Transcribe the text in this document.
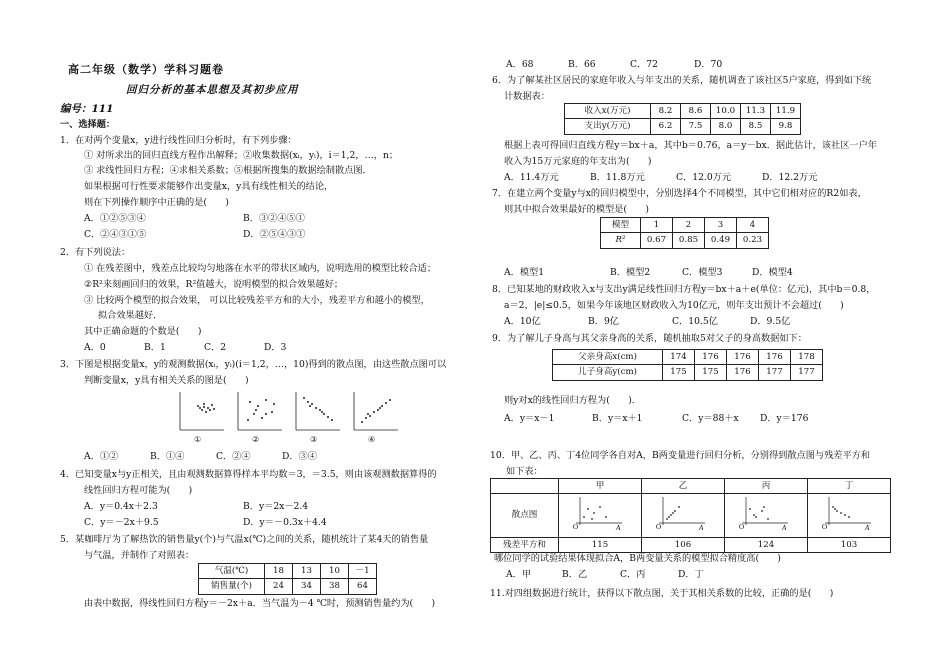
高二年级（数学）学科习题卷
回归分析的基本思想及其初步应用
编号：111
一、选择题：
1．在对两个变量x，y进行线性回归分析时，有下列步骤：
① 对所求出的回归直线方程作出解释；②收集数据(xᵢ，yᵢ)，i＝1,2，…，n；
③ 求线性回归方程；④求相关系数；⑤根据所搜集的数据绘制散点图．
如果根据可行性要求能够作出变量x，y具有线性相关的结论，
则在下列操作顺序中正确的是(　　)
A．①②⑤③④	B．③②④⑤①
C．②④③①⑤	D．②⑤④③①
2．有下列说法：
① 在残差图中，残差点比较均匀地落在水平的带状区域内，说明选用的模型比较合适；
②R²来刻画回归的效果，R²值越大，说明模型的拟合效果越好；
③ 比较两个模型的拟合效果， 可以比较残差平方和的大小，残差平方和越小的模型，
拟合效果越好．
其中正确命题的个数是(　　)
A．0	B．1	C．2	D．3
3．下图是根据变量x，y的观测数据(xᵢ，yᵢ)(i＝1,2，…，10)得到的散点图，由这些散点图可以
判断变量x，y具有相关关系的图是(　　)
①	②	③	④
A．①②	B．①④	C．②④	D．③④
4．已知变量x与y正相关，且由观测数据算得样本平均数＝3，＝3.5，则由该观测数据算得的
线性回归方程可能为(　　)
A．y＝0.4x＋2.3	B．y＝2x－2.4
C．y＝－2x＋9.5	D．y＝－0.3x＋4.4
5．某咖啡厅为了解热饮的销售量y(个)与气温x(℃)之间的关系，随机统计了某4天的销售量
与气温，并制作了对照表：
气温(℃)	18	13	10	－1
销售量(个)	24	34	38	64
由表中数据，得线性回归方程y＝－2x＋a．当气温为－4 ℃时，预测销售量约为(　　)
A．68	B．66	C．72	D．70
6．为了解某社区居民的家庭年收入与年支出的关系，随机调查了该社区5户家庭，得到如下统
计数据表：
收入x(万元)	8.2	8.6	10.0	11.3	11.9
支出y(万元)	6.2	7.5	8.0	8.5	9.8
根据上表可得回归直线方程y＝bx＋a，其中b＝0.76，a＝y－bx．据此估计，该社区一户年
收入为15万元家庭的年支出为(　　)
A．11.4万元	B．11.8万元	C．12.0万元	D．12.2万元
7．在建立两个变量y与x的回归模型中，分别选择4个不同模型，其中它们相对应的R2如表，
则其中拟合效果最好的模型是(　　)
模型	1	2	3	4
R²	0.67	0.85	0.49	0.23
A．模型1	B．模型2	C．模型3	D．模型4
8．已知某地的财政收入x与支出y满足线性回归方程y＝bx＋a＋e(单位：亿元)，其中b＝0.8，
a＝2，|e|≤0.5，如果今年该地区财政收入为10亿元，则年支出预计不会超过(　　)
A．10亿	B．9亿	C．10.5亿	D．9.5亿
9．为了解儿子身高与其父亲身高的关系，随机抽取5对父子的身高数据如下：
父亲身高x(cm)	174	176	176	176	178
儿子身高y(cm)	175	175	176	177	177
则y对x的线性回归方程为(　　)．
A．y＝x－1	B．y＝x＋1	C．y＝88＋x D．y＝176
10．甲、乙、丙、丁4位同学各自对A，B两变量进行回归分析，分别得到散点图与残差平方和
如下表：
	甲	乙	丙	丁
散点图	O A	O A	O A	O A

残差平方和	115	106	124	103
哪位同学的试验结果体现拟合A，B两变量关系的模型拟合精度高(　　)
A．甲	B．乙	C．丙	D．丁
11.对四组数据进行统计，获得以下散点图，关于其相关系数的比较，正确的是(　　)
